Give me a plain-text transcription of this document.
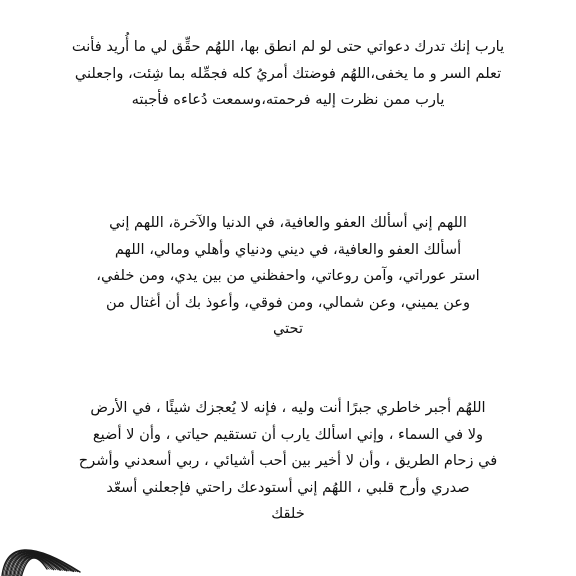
يارب إنك تدرك دعواتي حتى لو لم انطق بها، اللهُم حقِّق لي ما أُريد فأنت
تعلم السر و ما يخفى،اللهُم فوضتك أمريُ كله فجمِّله بما شِئت، واجعلني
يارب ممن نظرت إليه فرحمته،وسمعت دُعاءه فأجبته
اللهم إني أسألك العفو والعافية، في الدنيا والآخرة، اللهم إني
أسألك العفو والعافية، في ديني ودنياي وأهلي ومالي، اللهم
استر عوراتي، وآمن روعاتي، واحفظني من بين يدي، ومن خلفي،
وعن يميني، وعن شمالي، ومن فوقي، وأعوذ بك أن أغتال من
تحتي
اللهُم أجبر خاطري جبرًا أنت وليه ، فإنه لا يُعجزك شيئًا ، في الأرض
ولا في السماء ، وإني اسألك يارب أن تستقيم حياتي ، وأن لا أضيع
في زحام الطريق ، وأن لا أخير بين أحب أشيائي ، ربي أسعدني وأشرح
صدري وأرح قلبي ، اللهُم إني أستودعك راحتي فإجعلني أسعّد
خلقك
